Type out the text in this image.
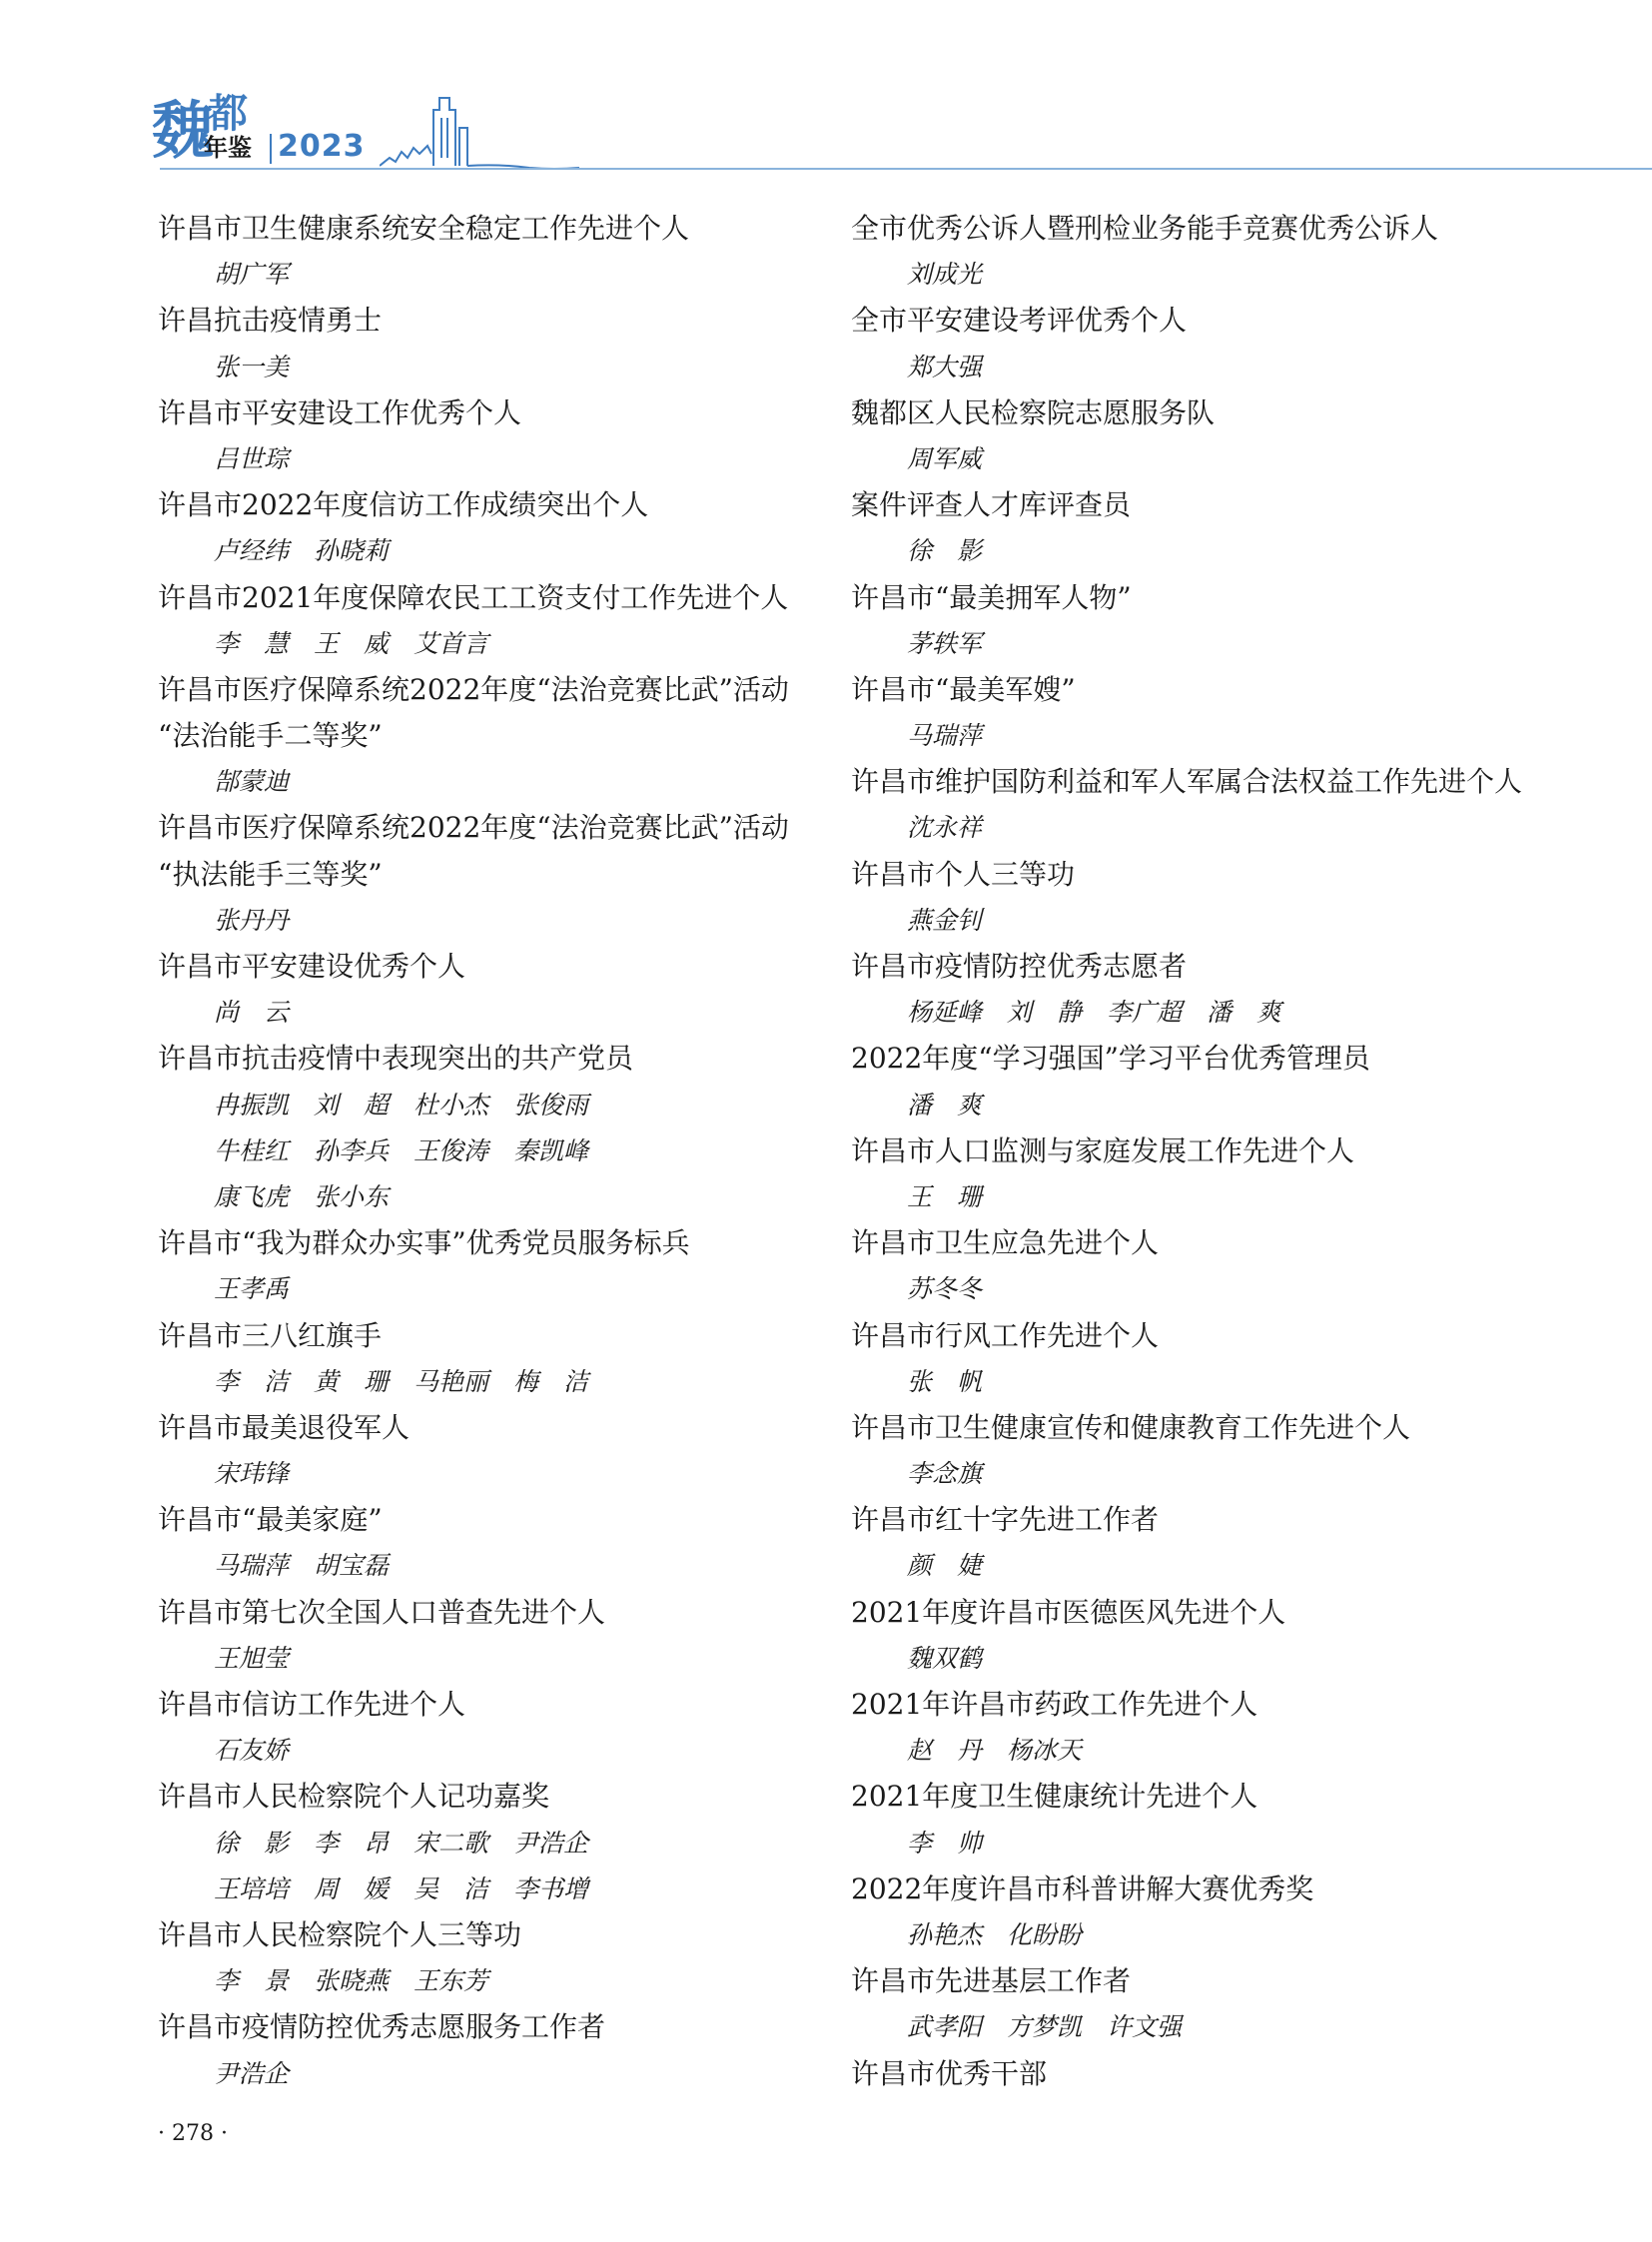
魏
都
年鉴 2023
许昌市卫生健康系统安全稳定工作先进个人
胡广军
许昌抗击疫情勇士
张一美
许昌市平安建设工作优秀个人
吕世琮
许昌市2022年度信访工作成绩突出个人
卢经纬　孙晓莉
许昌市2021年度保障农民工工资支付工作先进个人
李　慧　王　威　艾首言
许昌市医疗保障系统2022年度“法治竞赛比武”活动
“法治能手二等奖”
郜蒙迪
许昌市医疗保障系统2022年度“法治竞赛比武”活动
“执法能手三等奖”
张丹丹
许昌市平安建设优秀个人
尚　云
许昌市抗击疫情中表现突出的共产党员
冉振凯　刘　超　杜小杰　张俊雨
牛桂红　孙李兵　王俊涛　秦凯峰
康飞虎　张小东
许昌市“我为群众办实事”优秀党员服务标兵
王孝禹
许昌市三八红旗手
李　洁　黄　珊　马艳丽　梅　洁
许昌市最美退役军人
宋玮锋
许昌市“最美家庭”
马瑞萍　胡宝磊
许昌市第七次全国人口普查先进个人
王旭莹
许昌市信访工作先进个人
石友娇
许昌市人民检察院个人记功嘉奖
徐　影　李　昂　宋二歌　尹浩企
王培培　周　媛　吴　洁　李书增
许昌市人民检察院个人三等功
李　景　张晓燕　王东芳
许昌市疫情防控优秀志愿服务工作者
尹浩企
全市优秀公诉人暨刑检业务能手竞赛优秀公诉人
刘成光
全市平安建设考评优秀个人
郑大强
魏都区人民检察院志愿服务队
周军威
案件评查人才库评查员
徐　影
许昌市“最美拥军人物”
茅轶军
许昌市“最美军嫂”
马瑞萍
许昌市维护国防利益和军人军属合法权益工作先进个人
沈永祥
许昌市个人三等功
燕金钊
许昌市疫情防控优秀志愿者
杨延峰　刘　静　李广超　潘　爽
2022年度“学习强国”学习平台优秀管理员
潘　爽
许昌市人口监测与家庭发展工作先进个人
王　珊
许昌市卫生应急先进个人
苏冬冬
许昌市行风工作先进个人
张　帆
许昌市卫生健康宣传和健康教育工作先进个人
李念旗
许昌市红十字先进工作者
颜　婕
2021年度许昌市医德医风先进个人
魏双鹤
2021年许昌市药政工作先进个人
赵　丹　杨冰天
2021年度卫生健康统计先进个人
李　帅
2022年度许昌市科普讲解大赛优秀奖
孙艳杰　化盼盼
许昌市先进基层工作者
武孝阳　方梦凯　许文强
许昌市优秀干部
· 278 ·
